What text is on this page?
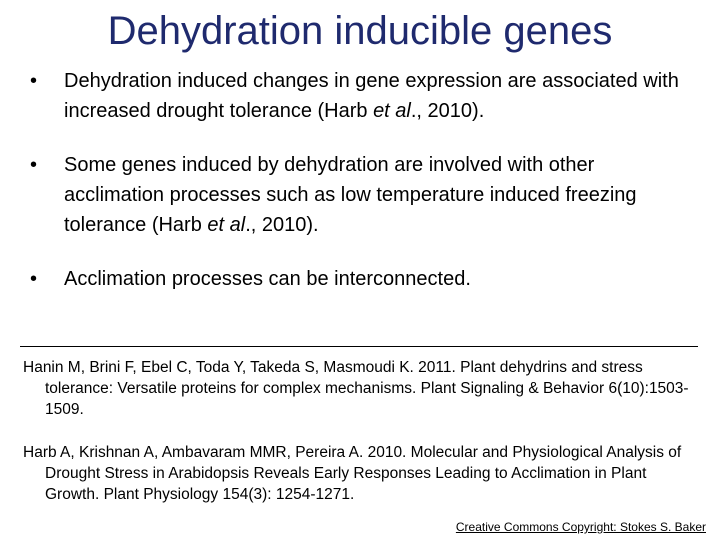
Dehydration inducible genes
•	Dehydration induced changes in gene expression are associated with increased drought tolerance (Harb et al., 2010).
•	Some genes induced by dehydration are involved with other acclimation processes such as low temperature induced freezing tolerance (Harb et al., 2010).
•	Acclimation processes can be interconnected.

Hanin M, Brini F, Ebel C, Toda Y, Takeda S, Masmoudi K. 2011. Plant dehydrins and stress tolerance: Versatile proteins for complex mechanisms. Plant Signaling & Behavior 6(10):1503-1509.

Harb A, Krishnan A, Ambavaram MMR, Pereira A. 2010. Molecular and Physiological Analysis of Drought Stress in Arabidopsis Reveals Early Responses Leading to Acclimation in Plant Growth. Plant Physiology 154(3): 1254-1271.

Creative Commons Copyright: Stokes S. Baker
